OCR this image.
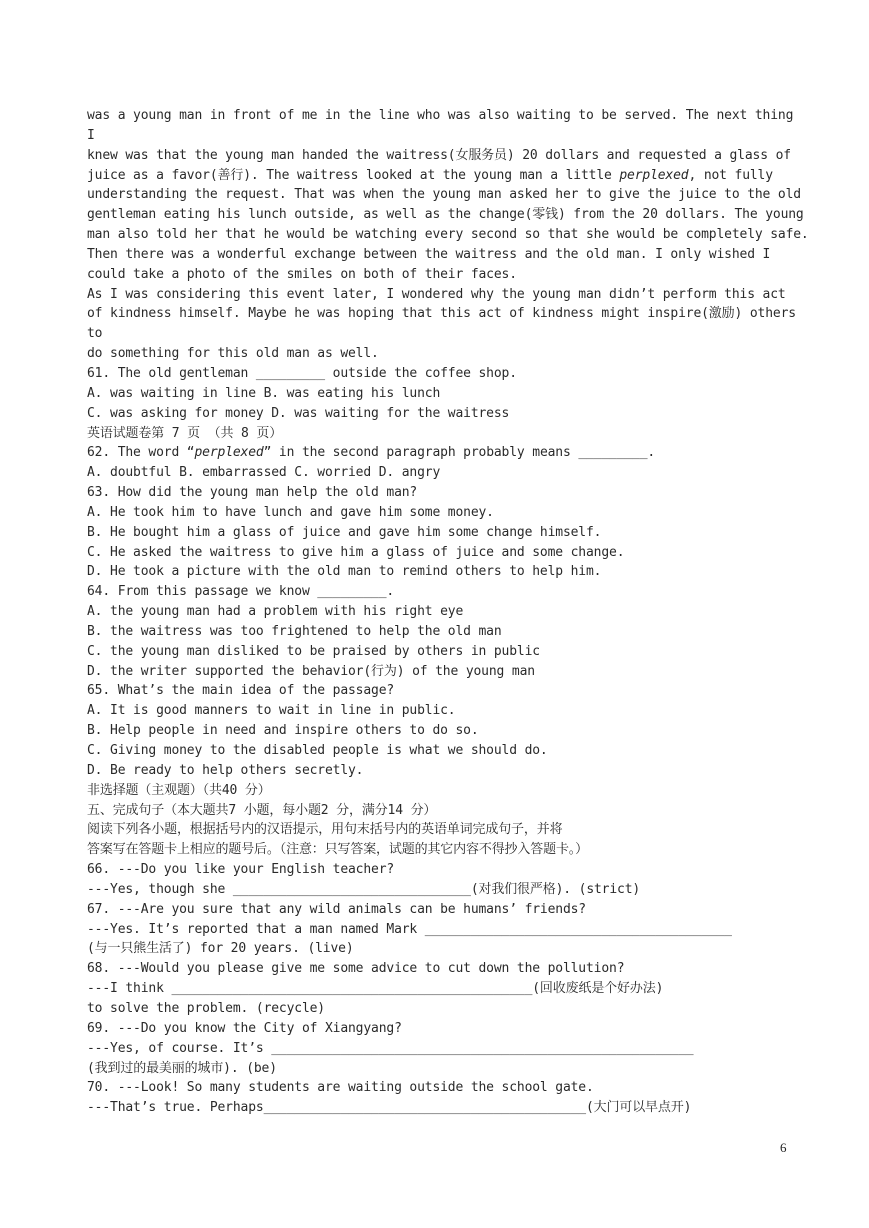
was a young man in front of me in the line who was also waiting to be served. The next thing
I
knew was that the young man handed the waitress(女服务员) 20 dollars and requested a glass of
juice as a favor(善行). The waitress looked at the young man a little perplexed, not fully
understanding the request. That was when the young man asked her to give the juice to the old
gentleman eating his lunch outside, as well as the change(零钱) from the 20 dollars. The young
man also told her that he would be watching every second so that she would be completely safe.
Then there was a wonderful exchange between the waitress and the old man. I only wished I
could take a photo of the smiles on both of their faces.
As I was considering this event later, I wondered why the young man didn’t perform this act
of kindness himself. Maybe he was hoping that this act of kindness might inspire(激励) others
to
do something for this old man as well.
61. The old gentleman _________ outside the coffee shop.
A. was waiting in line B. was eating his lunch
C. was asking for money D. was waiting for the waitress
英语试题卷第 7 页 （共 8 页）
62. The word “perplexed” in the second paragraph probably means _________.
A. doubtful B. embarrassed C. worried D. angry
63. How did the young man help the old man?
A. He took him to have lunch and gave him some money.
B. He bought him a glass of juice and gave him some change himself.
C. He asked the waitress to give him a glass of juice and some change.
D. He took a picture with the old man to remind others to help him.
64. From this passage we know _________.
A. the young man had a problem with his right eye
B. the waitress was too frightened to help the old man
C. the young man disliked to be praised by others in public
D. the writer supported the behavior(行为) of the young man
65. What’s the main idea of the passage?
A. It is good manners to wait in line in public.
B. Help people in need and inspire others to do so.
C. Giving money to the disabled people is what we should do.
D. Be ready to help others secretly.
非选择题（主观题）（共40 分）
五、完成句子（本大题共7 小题，每小题2 分，满分14 分）
阅读下列各小题，根据括号内的汉语提示，用句末括号内的英语单词完成句子，并将
答案写在答题卡上相应的题号后。（注意：只写答案，试题的其它内容不得抄入答题卡。）
66. ---Do you like your English teacher?
---Yes, though she _______________________________(对我们很严格). (strict)
67. ---Are you sure that any wild animals can be humans’ friends?
---Yes. It’s reported that a man named Mark ________________________________________
(与一只熊生活了) for 20 years. (live)
68. ---Would you please give me some advice to cut down the pollution?
---I think _______________________________________________(回收废纸是个好办法)
to solve the problem. (recycle)
69. ---Do you know the City of Xiangyang?
---Yes, of course. It’s _______________________________________________________
(我到过的最美丽的城市). (be)
70. ---Look! So many students are waiting outside the school gate.
---That’s true. Perhaps__________________________________________(大门可以早点开)
6
